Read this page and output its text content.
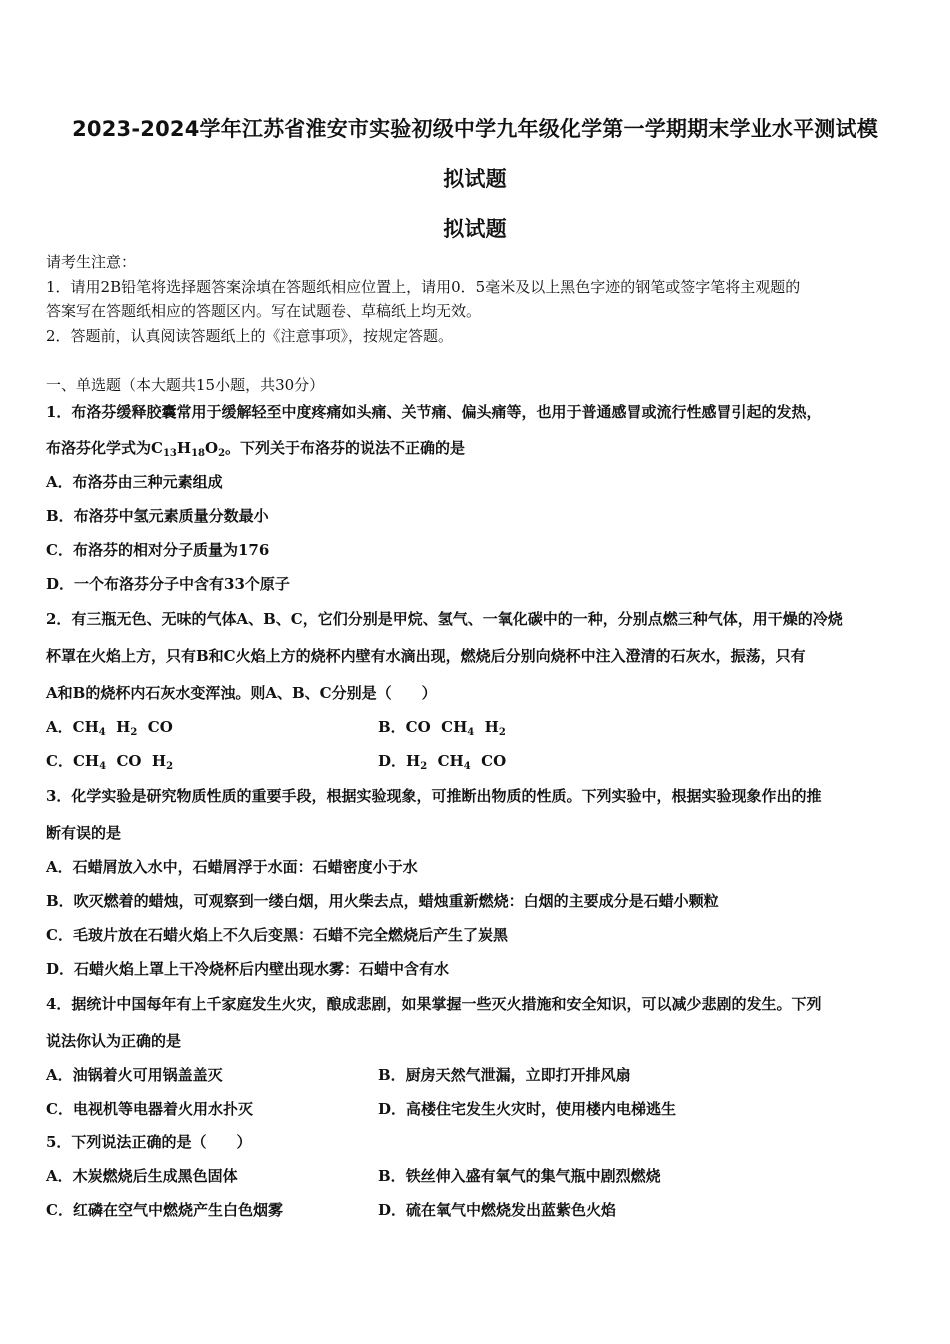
2023-2024学年江苏省淮安市实验初级中学九年级化学第一学期期末学业水平测试模
拟试题
拟试题
请考生注意：
1．请用2B铅笔将选择题答案涂填在答题纸相应位置上，请用0．5毫米及以上黑色字迹的钢笔或签字笔将主观题的
答案写在答题纸相应的答题区内。写在试题卷、草稿纸上均无效。
2．答题前，认真阅读答题纸上的《注意事项》，按规定答题。
一、单选题（本大题共15小题，共30分）
1．布洛芬缓释胶囊常用于缓解轻至中度疼痛如头痛、关节痛、偏头痛等，也用于普通感冒或流行性感冒引起的发热，
布洛芬化学式为$C_{13}H_{18}O_2$。下列关于布洛芬的说法不正确的是
A．布洛芬由三种元素组成
B．布洛芬中氢元素质量分数最小
C．布洛芬的相对分子质量为176
D．一个布洛芬分子中含有33个原子
2．有三瓶无色、无味的气体A、B、C，它们分别是甲烷、氢气、一氧化碳中的一种，分别点燃三种气体，用干燥的冷烧
杯罩在火焰上方，只有B和C火焰上方的烧杯内壁有水滴出现，燃烧后分别向烧杯中注入澄清的石灰水，振荡，只有
A和B的烧杯内石灰水变浑浊。则A、B、C分别是（　　）
A．$CH_4$  $H_2$  CO	B．CO  $CH_4$  $H_2$
C．$CH_4$  CO  $H_2$	D．$H_2$  $CH_4$  CO
3．化学实验是研究物质性质的重要手段，根据实验现象，可推断出物质的性质。下列实验中，根据实验现象作出的推
断有误的是
A．石蜡屑放入水中，石蜡屑浮于水面：石蜡密度小于水
B．吹灭燃着的蜡烛，可观察到一缕白烟，用火柴去点，蜡烛重新燃烧：白烟的主要成分是石蜡小颗粒
C．毛玻片放在石蜡火焰上不久后变黑：石蜡不完全燃烧后产生了炭黑
D．石蜡火焰上罩上干冷烧杯后内壁出现水雾：石蜡中含有水
4．据统计中国每年有上千家庭发生火灾，酿成悲剧，如果掌握一些灭火措施和安全知识，可以减少悲剧的发生。下列
说法你认为正确的是
A．油锅着火可用锅盖盖灭	B．厨房天然气泄漏，立即打开排风扇
C．电视机等电器着火用水扑灭	D．高楼住宅发生火灾时，使用楼内电梯逃生
5．下列说法正确的是（　　）
A．木炭燃烧后生成黑色固体	B．铁丝伸入盛有氧气的集气瓶中剧烈燃烧
C．红磷在空气中燃烧产生白色烟雾	D．硫在氧气中燃烧发出蓝紫色火焰
